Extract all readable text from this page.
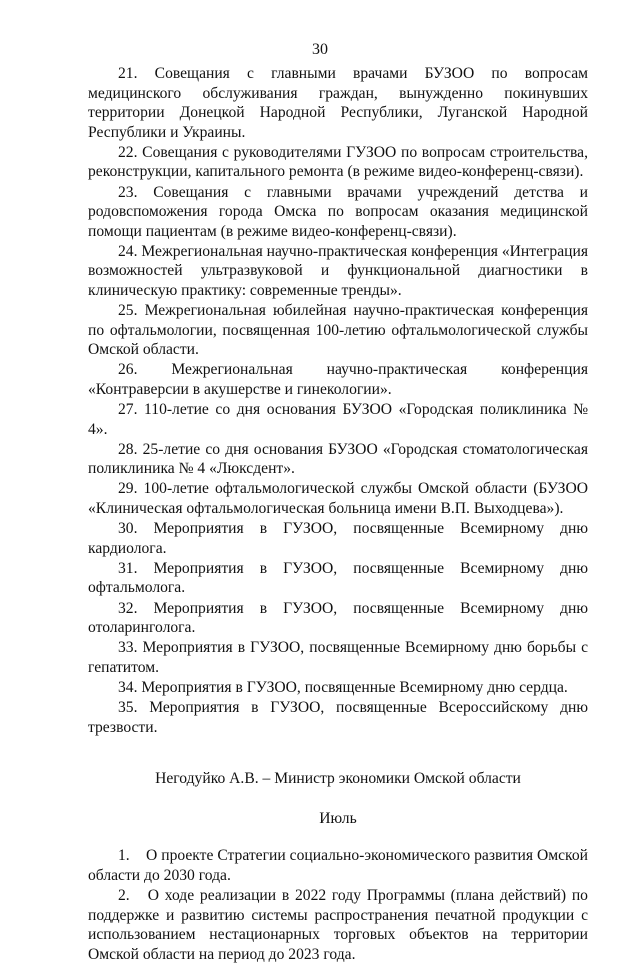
30

21. Совещания с главными врачами БУЗОО по вопросам медицинского обслуживания граждан, вынужденно покинувших территории Донецкой Народной Республики, Луганской Народной Республики и Украины.

22. Совещания с руководителями ГУЗОО по вопросам строительства, реконструкции, капитального ремонта (в режиме видео-конференц-связи).

23. Совещания с главными врачами учреждений детства и родовспоможения города Омска по вопросам оказания медицинской помощи пациентам (в режиме видео-конференц-связи).

24. Межрегиональная научно-практическая конференция «Интеграция возможностей ультразвуковой и функциональной диагностики в клиническую практику: современные тренды».

25. Межрегиональная юбилейная научно-практическая конференция по офтальмологии, посвященная 100-летию офтальмологической службы Омской области.

26. Межрегиональная научно-практическая конференция «Контраверсии в акушерстве и гинекологии».

27. 110-летие со дня основания БУЗОО «Городская поликлиника № 4».

28. 25-летие со дня основания БУЗОО «Городская стоматологическая поликлиника № 4 «Люксдент».

29. 100-летие офтальмологической службы Омской области (БУЗОО «Клиническая офтальмологическая больница имени В.П. Выходцева»).

30. Мероприятия в ГУЗОО, посвященные Всемирному дню кардиолога.

31. Мероприятия в ГУЗОО, посвященные Всемирному дню офтальмолога.

32. Мероприятия в ГУЗОО, посвященные Всемирному дню отоларинголога.

33. Мероприятия в ГУЗОО, посвященные Всемирному дню борьбы с гепатитом.

34. Мероприятия в ГУЗОО, посвященные Всемирному дню сердца.

35. Мероприятия в ГУЗОО, посвященные Всероссийскому дню трезвости.

Негодуйко А.В. – Министр экономики Омской области

Июль

1. О проекте Стратегии социально-экономического развития Омской области до 2030 года.

2. О ходе реализации в 2022 году Программы (плана действий) по поддержке и развитию системы распространения печатной продукции с использованием нестационарных торговых объектов на территории Омской области на период до 2023 года.
